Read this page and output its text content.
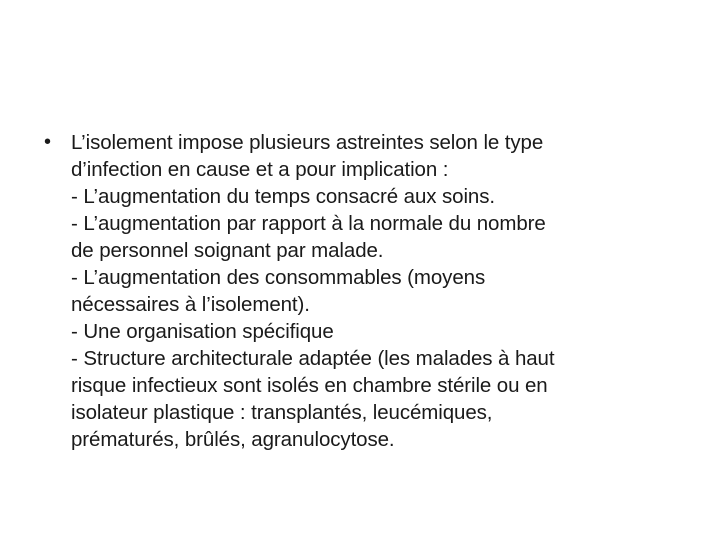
• L’isolement impose plusieurs astreintes selon le type
d’infection en cause et a pour implication :
- L’augmentation du temps consacré aux soins.
- L’augmentation par rapport à la normale du nombre
de personnel soignant par malade.
- L’augmentation des consommables (moyens
nécessaires à l’isolement).
- Une organisation spécifique
- Structure architecturale adaptée (les malades à haut
risque infectieux sont isolés en chambre stérile ou en
isolateur plastique : transplantés, leucémiques,
prématurés, brûlés, agranulocytose.
